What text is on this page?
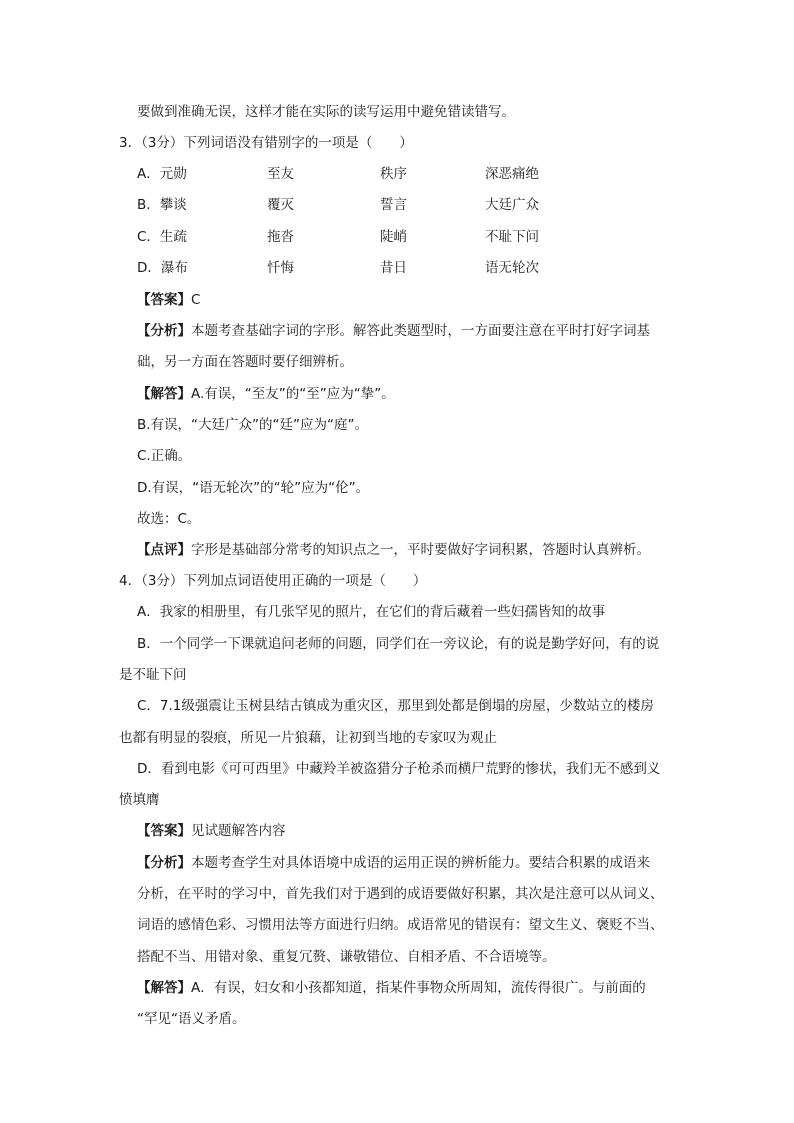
要做到准确无误，这样才能在实际的读写运用中避免错读错写。
3．（3分）下列词语没有错别字的一项是（　　）
A．元勋	至友	秩序	深恶痛绝
B．攀谈	覆灭	誓言	大廷广众
C．生疏	拖沓	陡峭	不耻下问
D．瀑布	忏悔	昔日	语无轮次
【答案】C
【分析】本题考查基础字词的字形。解答此类题型时，一方面要注意在平时打好字词基
础，另一方面在答题时要仔细辨析。
【解答】A.有误，“至友”的“至”应为“挚”。
B.有误，“大廷广众”的“廷”应为“庭”。
C.正确。
D.有误，“语无轮次”的“轮”应为“伦”。
故选：C。
【点评】字形是基础部分常考的知识点之一，平时要做好字词积累，答题时认真辨析。
4．（3分）下列加点词语使用正确的一项是（　　）
A．我家的相册里，有几张罕见的照片，在它们的背后藏着一些妇孺皆知的故事
B．一个同学一下课就追问老师的问题，同学们在一旁议论，有的说是勤学好问，有的说
是不耻下问
C．7.1级强震让玉树县结古镇成为重灾区，那里到处都是倒塌的房屋，少数站立的楼房
也都有明显的裂痕，所见一片狼藉，让初到当地的专家叹为观止
D．看到电影《可可西里》中藏羚羊被盗猎分子枪杀而横尸荒野的惨状，我们无不感到义
愤填膺
【答案】见试题解答内容
【分析】本题考查学生对具体语境中成语的运用正误的辨析能力。要结合积累的成语来
分析，在平时的学习中，首先我们对于遇到的成语要做好积累，其次是注意可以从词义、
词语的感情色彩、习惯用法等方面进行归纳。成语常见的错误有：望文生义、褒贬不当、
搭配不当、用错对象、重复冗赘、谦敬错位、自相矛盾、不合语境等。
【解答】A．有误，妇女和小孩都知道，指某件事物众所周知，流传得很广。与前面的
“罕见“语义矛盾。
